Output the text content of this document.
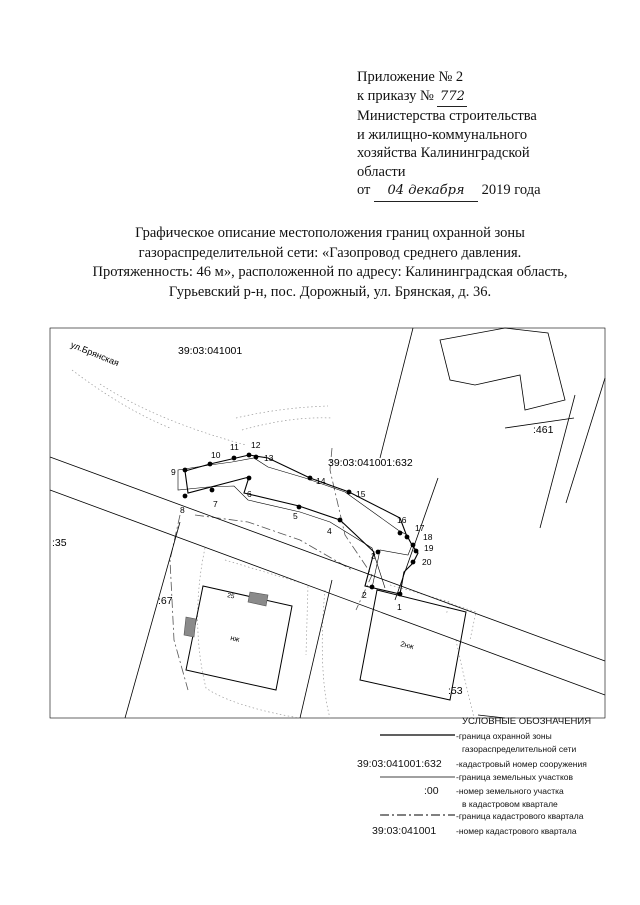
Приложение № 2
к приказу № 772
Министерства строительства
и жилищно-коммунального
хозяйства Калининградской
области
от 04 декабря 2019 года
Графическое описание местоположения границ охранной зоны
газораспределительной сети: «Газопровод среднего давления.
Протяженность: 46 м», расположенной по адресу: Калининградская область,
Гурьевский р-н, пос. Дорожный, ул. Брянская, д. 36.
1
2
3
4
5
6
7
8
9
10
11 12
13
14
15
16
17
18
19
20
ул.Брянская	39:03:041001
39:03:041001:632
:461
:35
:67
:53
нж
2нж
25
УСЛОВНЫЕ ОБОЗНАЧЕНИЯ
-граница охранной зоны
газораспределительной сети
39:03:041001:632 -кадастровый номер сооружения
-граница земельных участков
:00 -номер земельного участка
в кадастровом квартале
-граница кадастрового квартала
39:03:041001 -номер кадастрового квартала
